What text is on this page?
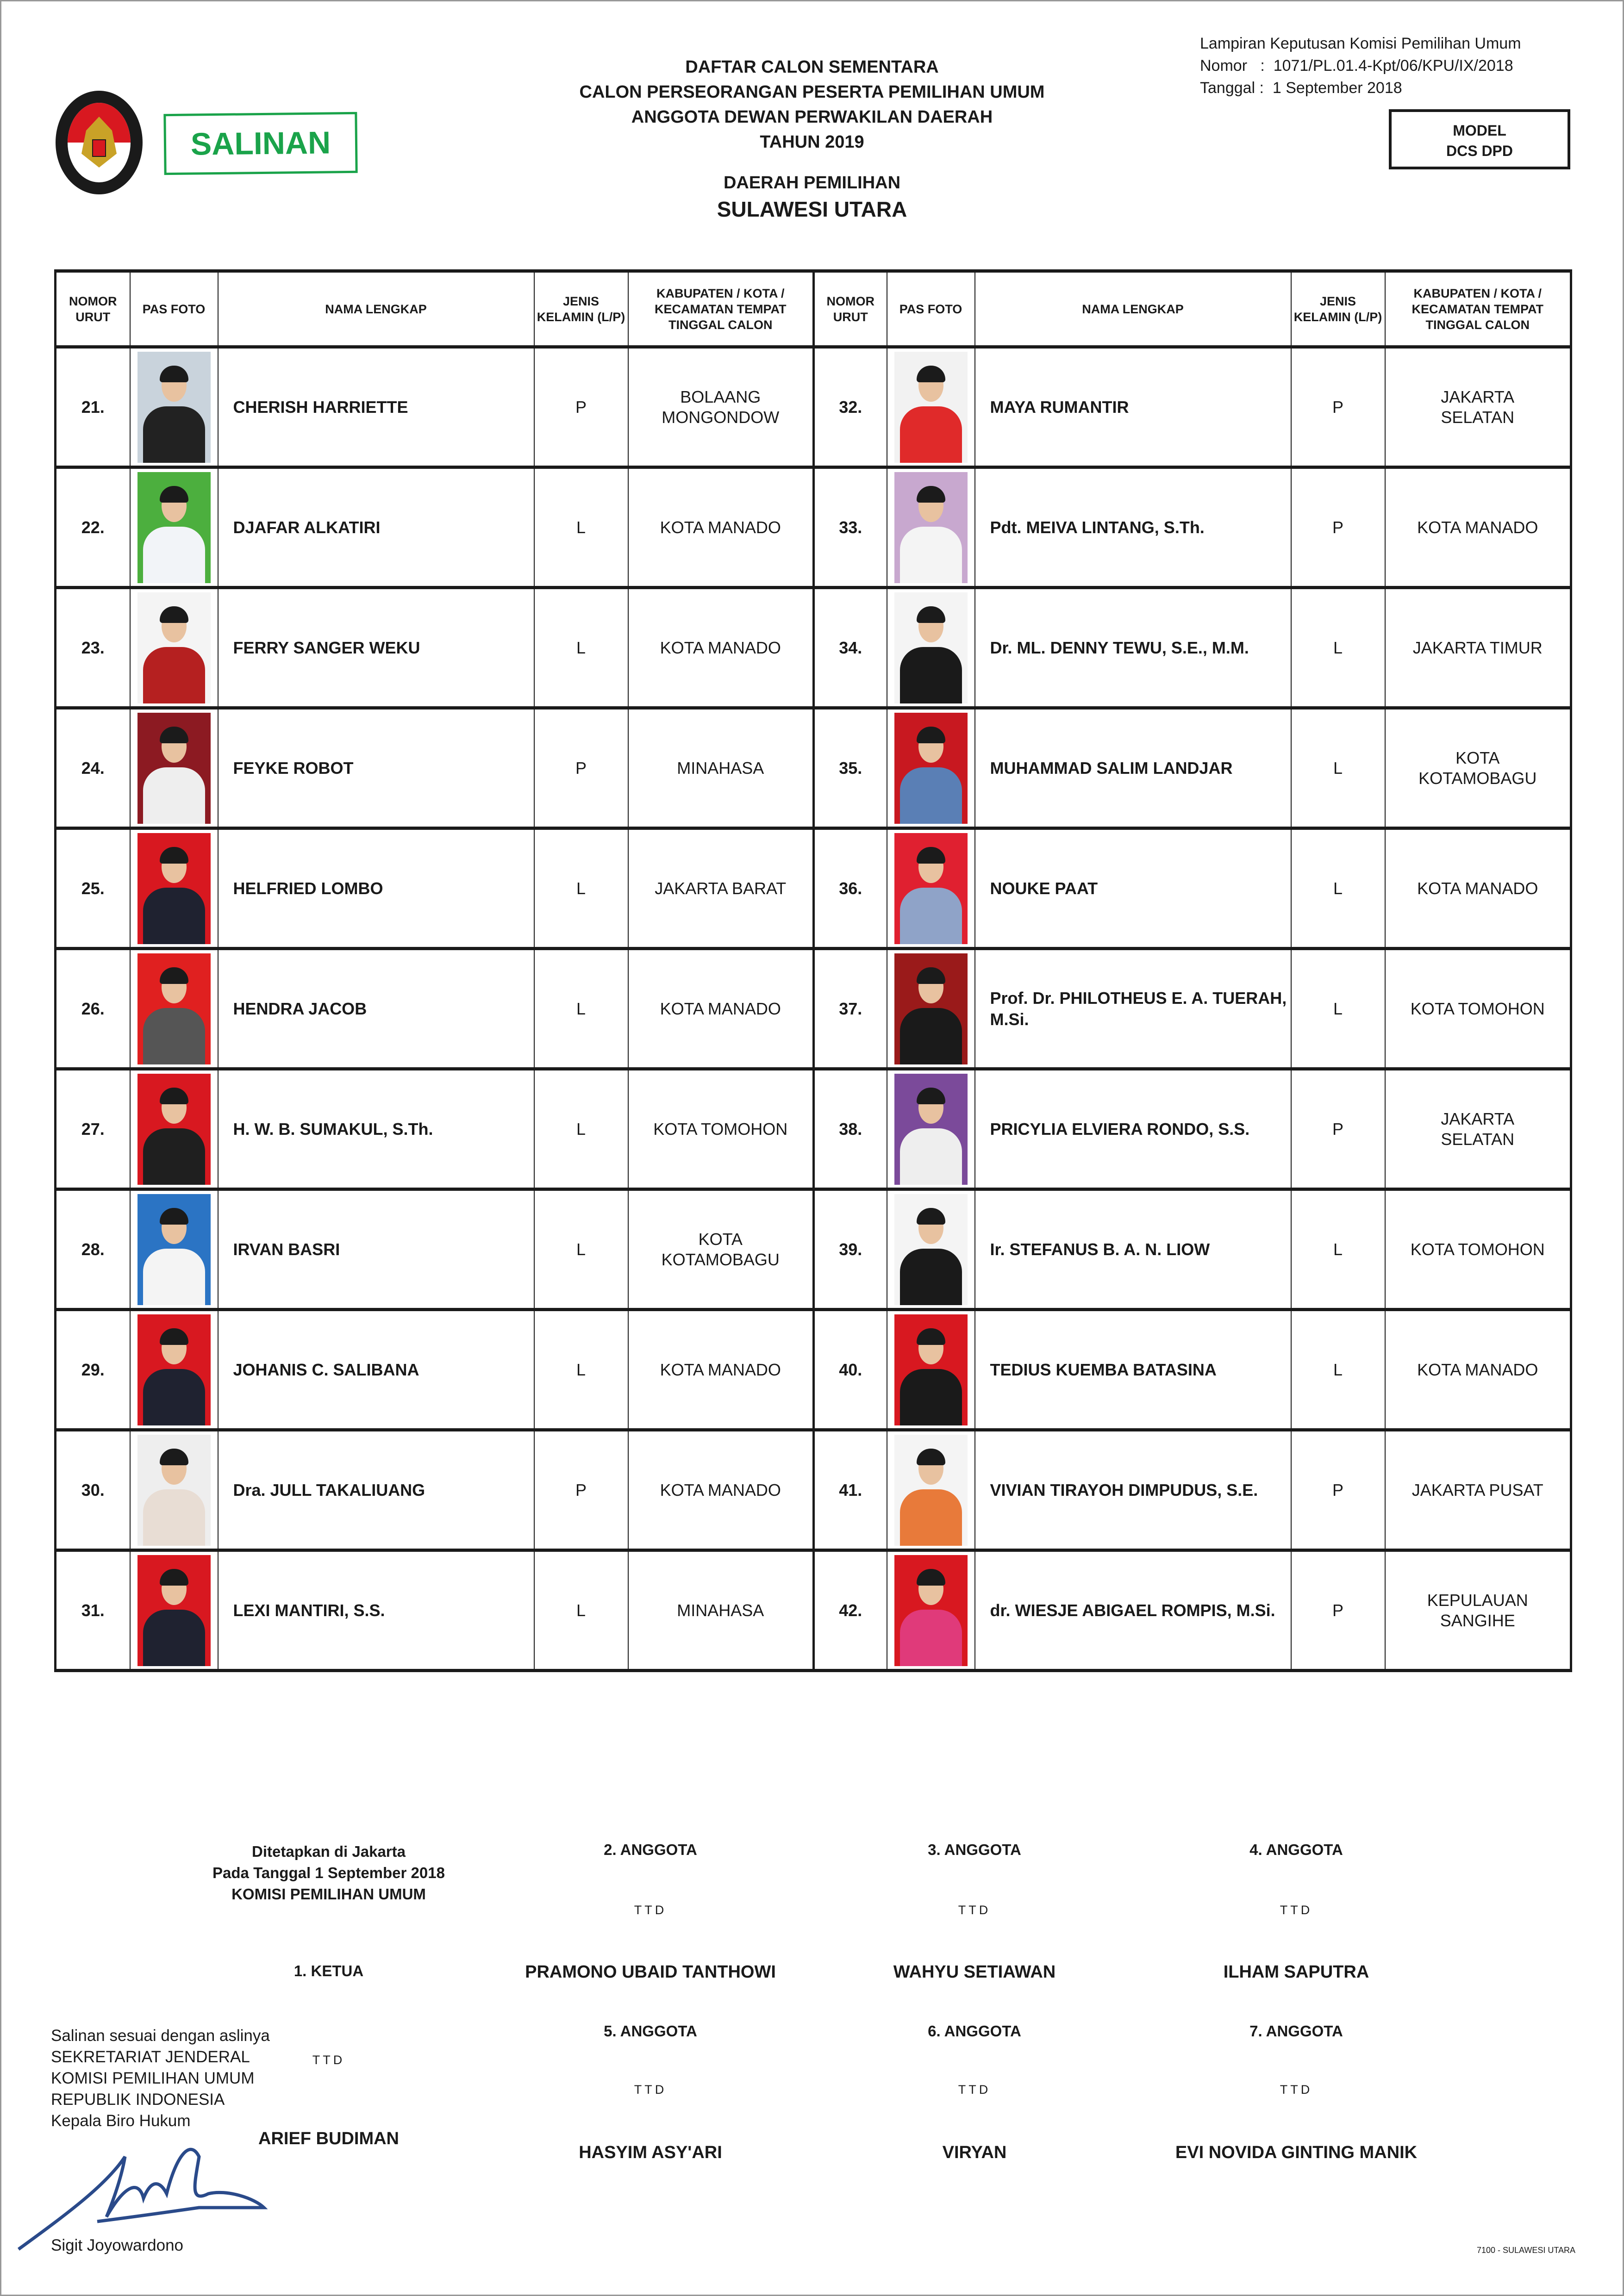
SALINAN
DAFTAR CALON SEMENTARA
CALON PERSEORANGAN PESERTA PEMILIHAN UMUM
ANGGOTA DEWAN PERWAKILAN DAERAH
TAHUN 2019
DAERAH PEMILIHAN
SULAWESI UTARA
Lampiran Keputusan Komisi Pemilihan Umum
Nomor   :  1071/PL.01.4-Kpt/06/KPU/IX/2018
Tanggal :  1 September 2018
MODEL
DCS DPD
NOMOR URUT	PAS FOTO	NAMA LENGKAP	JENIS KELAMIN (L/P)	KABUPATEN / KOTA / KECAMATAN TEMPAT TINGGAL CALON	NOMOR URUT	PAS FOTO	NAMA LENGKAP	JENIS KELAMIN (L/P)	KABUPATEN / KOTA / KECAMATAN TEMPAT TINGGAL CALON
21.		CHERISH HARRIETTE	P	BOLAANG MONGONDOW	32.		MAYA RUMANTIR	P	JAKARTA SELATAN
22.		DJAFAR ALKATIRI	L	KOTA MANADO	33.		Pdt. MEIVA LINTANG, S.Th.	P	KOTA MANADO
23.		FERRY SANGER WEKU	L	KOTA MANADO	34.		Dr. ML. DENNY TEWU, S.E., M.M.	L	JAKARTA TIMUR
24.		FEYKE ROBOT	P	MINAHASA	35.		MUHAMMAD SALIM LANDJAR	L	KOTA KOTAMOBAGU
25.		HELFRIED LOMBO	L	JAKARTA BARAT	36.		NOUKE PAAT	L	KOTA MANADO
26.		HENDRA JACOB	L	KOTA MANADO	37.		Prof. Dr. PHILOTHEUS E. A. TUERAH, M.Si.	L	KOTA TOMOHON
27.		H. W. B. SUMAKUL, S.Th.	L	KOTA TOMOHON	38.		PRICYLIA ELVIERA RONDO, S.S.	P	JAKARTA SELATAN
28.		IRVAN BASRI	L	KOTA KOTAMOBAGU	39.		Ir. STEFANUS B. A. N. LIOW	L	KOTA TOMOHON
29.		JOHANIS C. SALIBANA	L	KOTA MANADO	40.		TEDIUS KUEMBA BATASINA	L	KOTA MANADO
30.		Dra. JULL TAKALIUANG	P	KOTA MANADO	41.		VIVIAN TIRAYOH DIMPUDUS, S.E.	P	JAKARTA PUSAT
31.		LEXI MANTIRI, S.S.	L	MINAHASA	42.		dr. WIESJE ABIGAEL ROMPIS, M.Si.	P	KEPULAUAN SANGIHE
Ditetapkan di Jakarta
Pada Tanggal 1 September 2018
KOMISI PEMILIHAN UMUM
1. KETUA
ARIEF BUDIMAN
TTD
2. ANGGOTA
PRAMONO UBAID TANTHOWI
TTD
3. ANGGOTA
WAHYU SETIAWAN
TTD
4. ANGGOTA
ILHAM SAPUTRA
TTD
5. ANGGOTA
HASYIM ASY'ARI
TTD
6. ANGGOTA
VIRYAN
TTD
7. ANGGOTA
EVI NOVIDA GINTING MANIK
TTD
Salinan sesuai dengan aslinya
SEKRETARIAT JENDERAL
KOMISI PEMILIHAN UMUM
REPUBLIK INDONESIA
Kepala Biro Hukum
Sigit Joyowardono	7100 - SULAWESI UTARA
